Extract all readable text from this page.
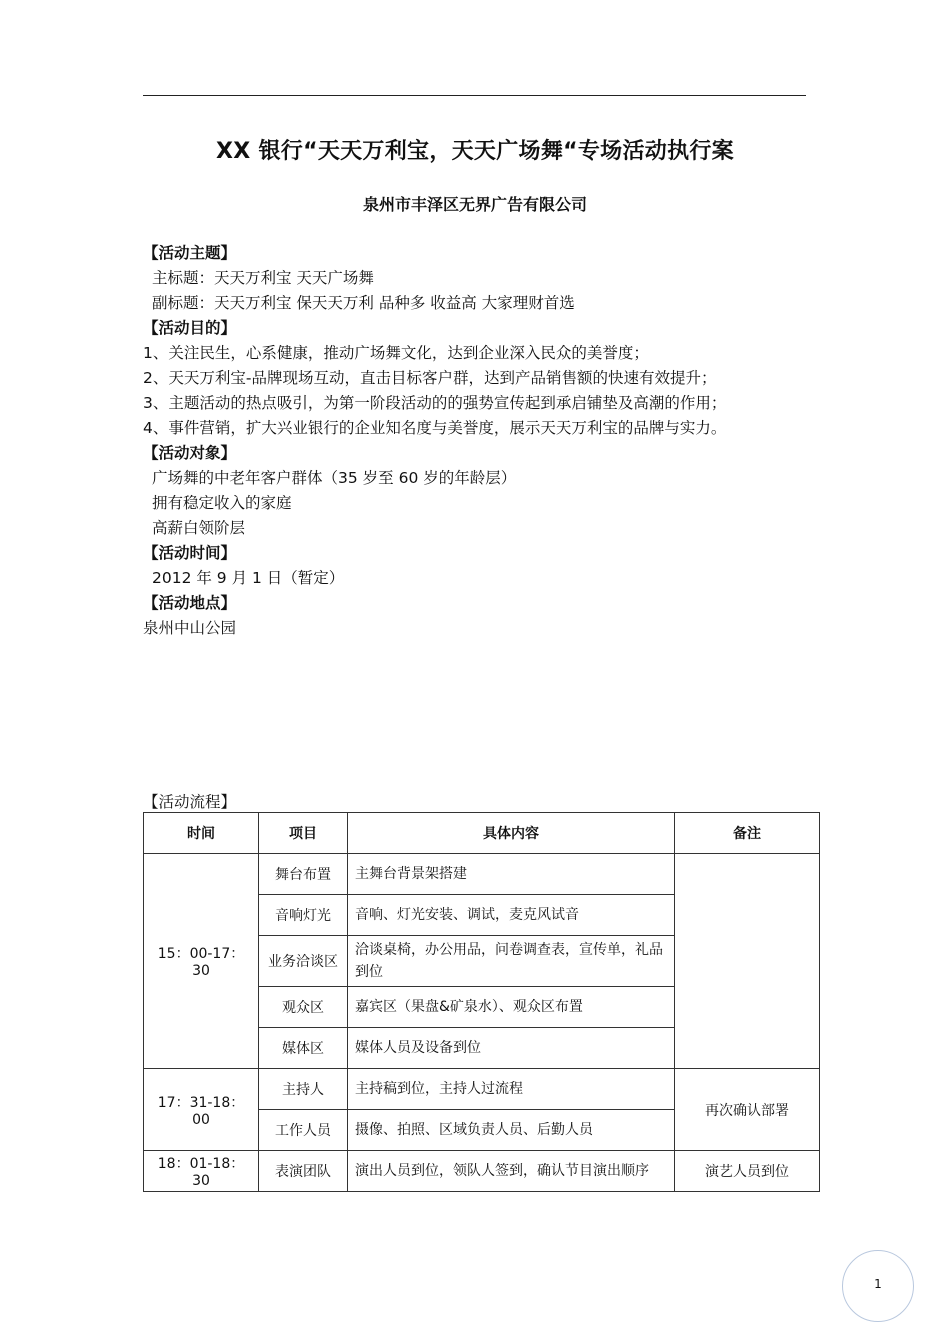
XX 银行“天天万利宝，天天广场舞“专场活动执行案
泉州市丰泽区无界广告有限公司
【活动主题】
主标题：天天万利宝 天天广场舞
副标题：天天万利宝 保天天万利 品种多 收益高 大家理财首选
【活动目的】
1、关注民生，心系健康，推动广场舞文化，达到企业深入民众的美誉度；
2、天天万利宝-品牌现场互动，直击目标客户群，达到产品销售额的快速有效提升；
3、主题活动的热点吸引，为第一阶段活动的的强势宣传起到承启铺垫及高潮的作用；
4、事件营销，扩大兴业银行的企业知名度与美誉度，展示天天万利宝的品牌与实力。
【活动对象】
广场舞的中老年客户群体（35 岁至 60 岁的年龄层）
拥有稳定收入的家庭
高薪白领阶层
【活动时间】
2012 年 9 月 1 日（暂定）
【活动地点】
泉州中山公园
【活动流程】
时间	项目	具体内容	备注
15：00-17：30	舞台布置	主舞台背景架搭建	
	音响灯光	音响、灯光安装、调试，麦克风试音	
	业务洽谈区	洽谈桌椅，办公用品，问卷调查表，宣传单，礼品到位	
	观众区	嘉宾区（果盘&矿泉水）、观众区布置	
	媒体区	媒体人员及设备到位	
17：31-18：00	主持人	主持稿到位，主持人过流程	再次确认部署
	工作人员	摄像、拍照、区域负责人员、后勤人员	
18：01-18：30	表演团队	演出人员到位，领队人签到，确认节目演出顺序	演艺人员到位
1
